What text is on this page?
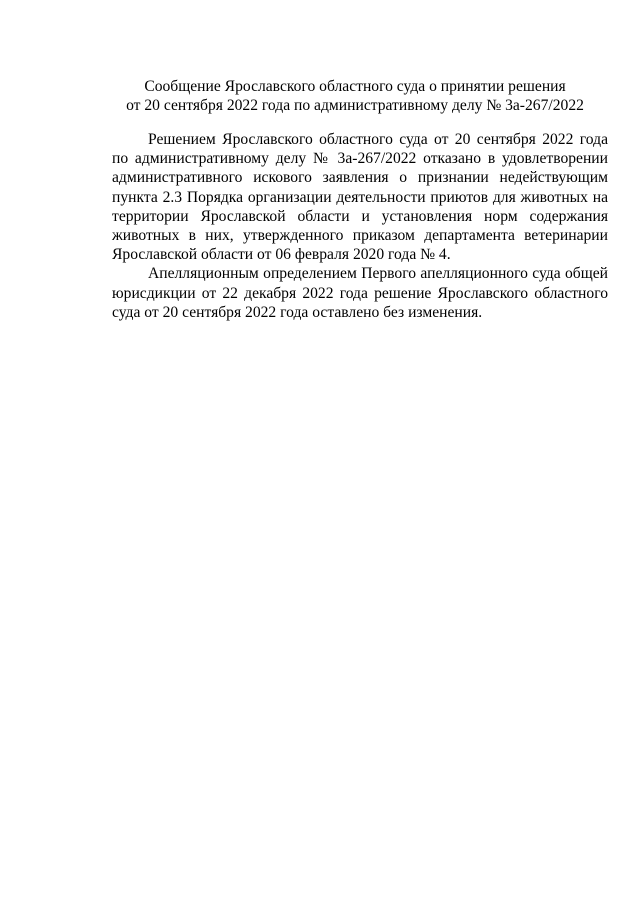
Сообщение Ярославского областного суда о принятии решения
от 20 сентября 2022 года по административному делу № 3а-267/2022

Решением Ярославского областного суда от 20 сентября 2022 года по административному делу № 3а-267/2022 отказано в удовлетворении административного искового заявления о признании недействующим пункта 2.3 Порядка организации деятельности приютов для животных на территории Ярославской области и установления норм содержания животных в них, утвержденного приказом департамента ветеринарии Ярославской области от 06 февраля 2020 года № 4.

Апелляционным определением Первого апелляционного суда общей юрисдикции от 22 декабря 2022 года решение Ярославского областного суда от 20 сентября 2022 года оставлено без изменения.
